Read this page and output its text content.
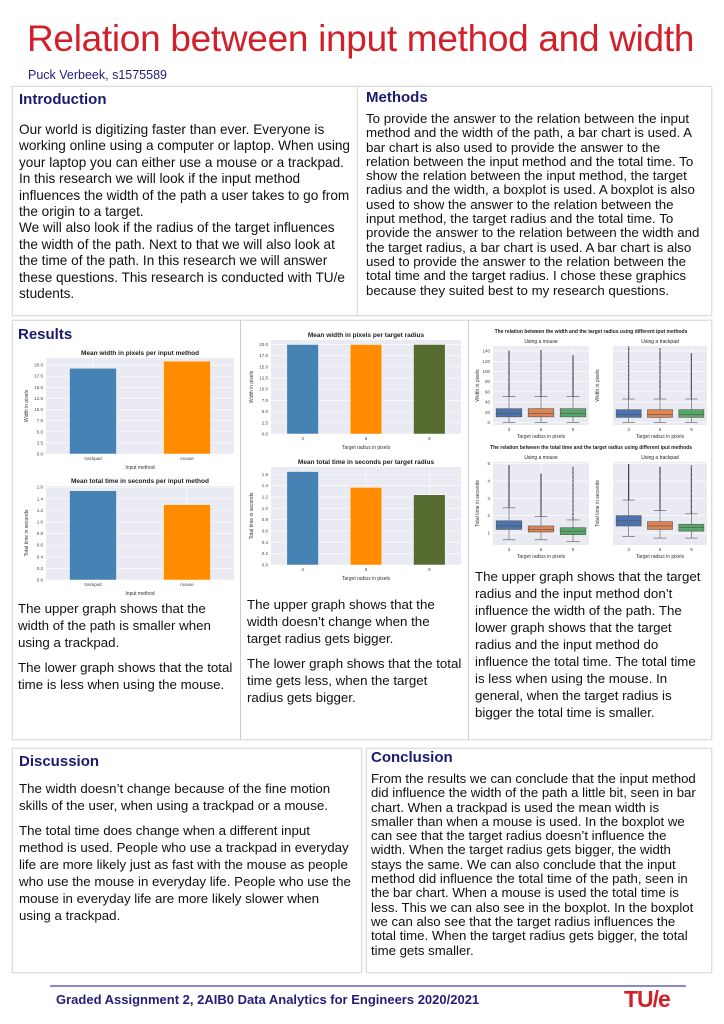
Relation between input method and width
Puck Verbeek, s1575589
Introduction
Our world is digitizing faster than ever. Everyone is working online using a computer or laptop. When using your laptop you can either use a mouse or a trackpad.
In this research we will look if the input method influences the width of the path a user takes to go from the origin to a target.
We will also look if the radius of the target influences the width of the path. Next to that we will also look at the time of the path. In this research we will answer these questions. This research is conducted with TU/e students.
Methods
To provide the answer to the relation between the input method and the width of the path, a bar chart is used. A bar chart is also used to provide the answer to the relation between the input method and the total time. To show the relation between the input method, the target radius and the width, a boxplot is used. A boxplot is also used to show the answer to the relation between the input method, the target radius and the total time. To provide the answer to the relation between the width and the target radius, a bar chart is used. A bar chart is also used to provide the answer to the relation between the total time and the target radius. I chose these graphics because they suited best to my research questions.
Results
Mean width in pixels per input method
0.0
2.5
5.0
7.5
10.0
12.5
15.0
17.5
20.0
trackpad	mouse
Input method
Width in pixels
Mean total time in seconds per input method
0.0
0.2
0.4
0.6
0.8
1.0
1.2
1.4
1.6
trackpad	mouse
Input method
Total time in seconds

The upper graph shows that the width of the path is smaller when using a trackpad.

The lower graph shows that the total time is less when using the mouse.

Mean width in pixels per target radius
0.0
2.5
5.0
7.5
10.0
12.5
15.0
17.5
20.0
3	6	9
Target radius in pixels
Width in pixels
Mean total time in seconds per target radius
0.0
0.2
0.4
0.6
0.8
1.0
1.2
1.4
1.6
3	6	9
Target radius in pixels
Total time in seconds

The upper graph shows that the width doesn’t change when the target radius gets bigger.

The lower graph shows that the total time gets less, when the target radius gets bigger.

The relation between the width and the target radius using different iput methods
Using a mouse
0
20
40
60
80
100
120
140
3	6	9
Target radius in pixels
Width in pixels
Using a trackpad
3	6	9
Target radius in pixels
Width in pixels
The relation between the total time and the target radius using different iput methods
Using a mouse
1
2
3
4
5
3	6	9
Target radius in pixels
Total time in seconds
Using a trackpad
3	6	9
Target radius in pixels
Total time in seconds

The upper graph shows that the target radius and the input method don’t influence the width of the path. The lower graph shows that the target radius and the input method do influence the total time. The total time is less when using the mouse. In general, when the target radius is bigger the total time is smaller.

Discussion

The width doesn’t change because of the fine motion skills of the user, when using a trackpad or a mouse.

The total time does change when a different input method is used. People who use a trackpad in everyday life are more likely just as fast with the mouse as people who use the mouse in everyday life. People who use the mouse in everyday life are more likely slower when using a trackpad.

Conclusion
From the results we can conclude that the input method did influence the width of the path a little bit, seen in bar chart. When a trackpad is used the mean width is smaller than when a mouse is used. In the boxplot we can see that the target radius doesn’t influence the width. When the target radius gets bigger, the width stays the same. We can also conclude that the input method did influence the total time of the path, seen in the bar chart. When a mouse is used the total time is less. This we can also see in the boxplot. In the boxplot we can also see that the target radius influences the total time. When the target radius gets bigger, the total time gets smaller.
Graded Assignment 2, 2AIB0 Data Analytics for Engineers 2020/2021	TU/e
